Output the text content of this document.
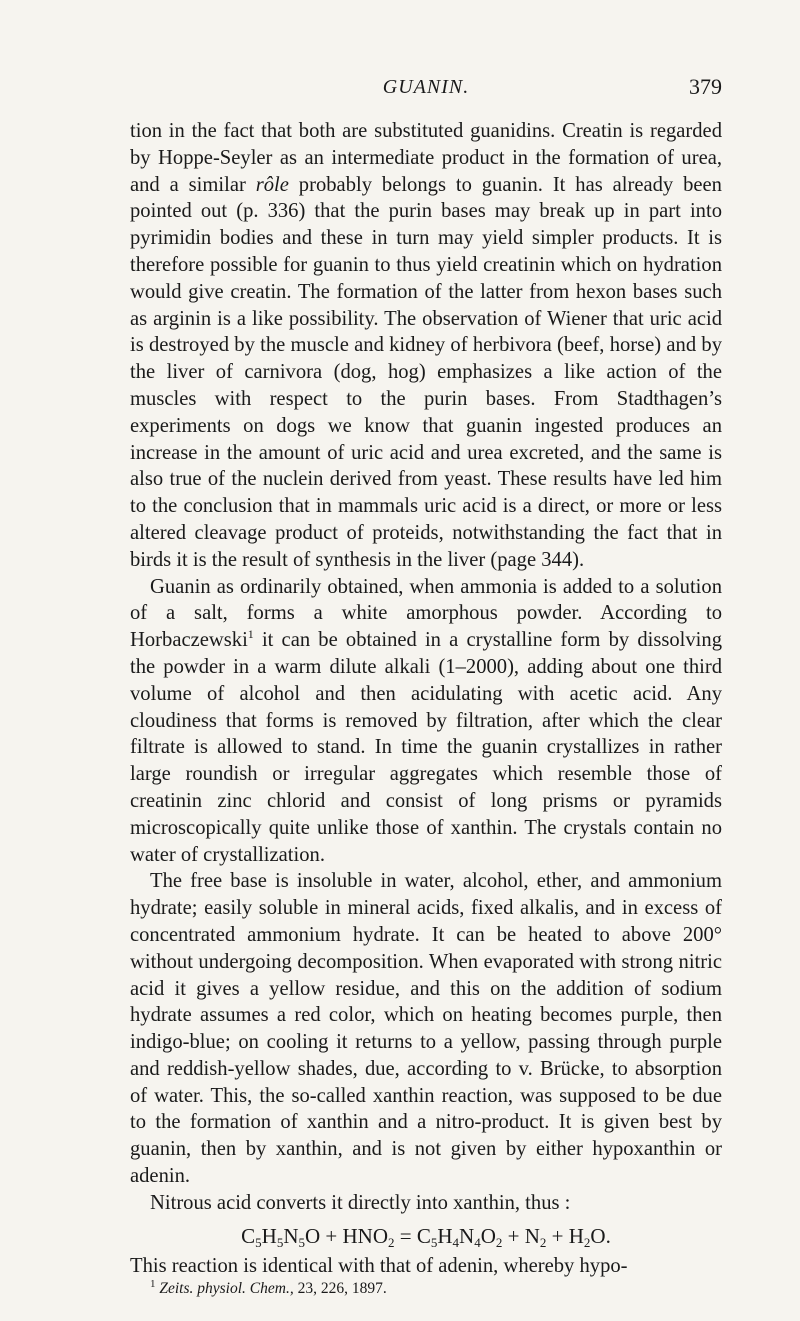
GUANIN.	379

tion in the fact that both are substituted guanidins. Creatin is regarded by Hoppe-Seyler as an intermediate product in the formation of urea, and a similar rôle probably belongs to guanin. It has already been pointed out (p. 336) that the purin bases may break up in part into pyrimidin bodies and these in turn may yield simpler products. It is therefore possible for guanin to thus yield creatinin which on hydration would give creatin. The formation of the latter from hexon bases such as arginin is a like possibility. The observation of Wiener that uric acid is destroyed by the muscle and kidney of herbivora (beef, horse) and by the liver of carnivora (dog, hog) emphasizes a like action of the muscles with respect to the purin bases. From Stadthagen’s experiments on dogs we know that guanin ingested produces an increase in the amount of uric acid and urea excreted, and the same is also true of the nuclein derived from yeast. These results have led him to the conclusion that in mammals uric acid is a direct, or more or less altered cleavage product of proteids, notwithstanding the fact that in birds it is the result of synthesis in the liver (page 344).

Guanin as ordinarily obtained, when ammonia is added to a solution of a salt, forms a white amorphous powder. According to Horbaczewski$^1$ it can be obtained in a crystalline form by dissolving the powder in a warm dilute alkali (1–2000), adding about one third volume of alcohol and then acidulating with acetic acid. Any cloudiness that forms is removed by filtration, after which the clear filtrate is allowed to stand. In time the guanin crystallizes in rather large roundish or irregular aggregates which resemble those of creatinin zinc chlorid and consist of long prisms or pyramids microscopically quite unlike those of xanthin. The crystals contain no water of crystallization.

The free base is insoluble in water, alcohol, ether, and ammonium hydrate; easily soluble in mineral acids, fixed alkalis, and in excess of concentrated ammonium hydrate. It can be heated to above 200° without undergoing decomposition. When evaporated with strong nitric acid it gives a yellow residue, and this on the addition of sodium hydrate assumes a red color, which on heating becomes purple, then indigo-blue; on cooling it returns to a yellow, passing through purple and reddish-yellow shades, due, according to v. Brücke, to absorption of water. This, the so-called xanthin reaction, was supposed to be due to the formation of xanthin and a nitro-product. It is given best by guanin, then by xanthin, and is not given by either hypoxanthin or adenin.

Nitrous acid converts it directly into xanthin, thus :

$C_5H_5N_5O + HNO_2 = C_5H_4N_4O_2 + N_2 + H_2O$.

This reaction is identical with that of adenin, whereby hypo-

$^1$ Zeits. physiol. Chem., 23, 226, 1897.
